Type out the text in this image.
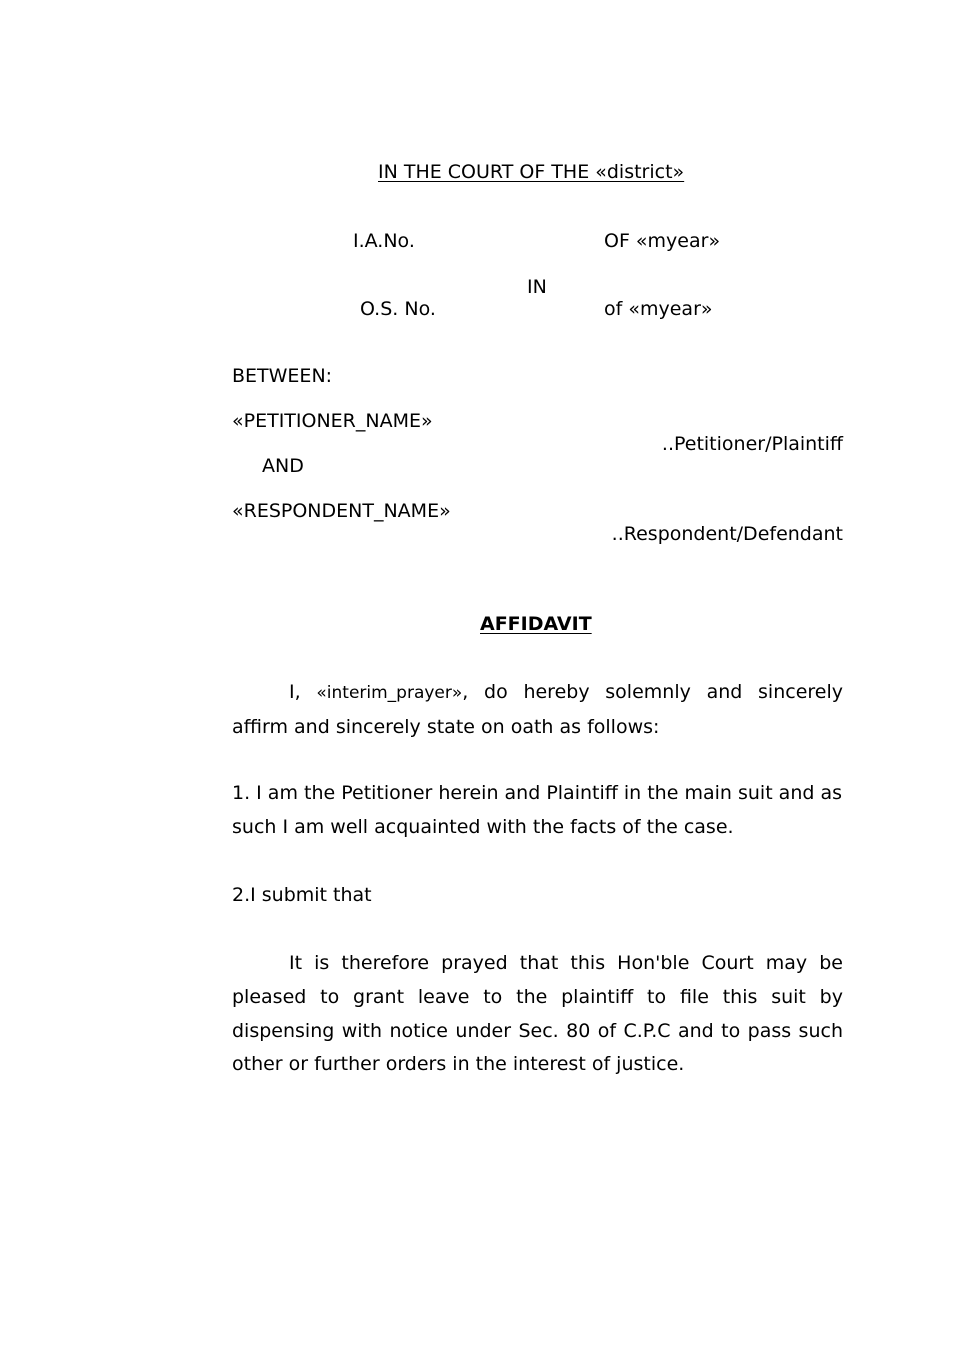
IN THE COURT OF THE «district»
I.A.No.	OF «myear»
IN
O.S. No.	of «myear»
BETWEEN:
«PETITIONER_NAME»
..Petitioner/Plaintiff
AND
«RESPONDENT_NAME»
..Respondent/Defendant
AFFIDAVIT
I, «interim_prayer», do hereby solemnly and sincerely affirm and sincerely state on oath as follows:
1. I am the Petitioner herein and Plaintiff in the main suit and as such I am well acquainted with the facts of the case.
2.I submit that
It is therefore prayed that this Hon'ble Court may be pleased to grant leave to the plaintiff to file this suit by dispensing with notice under Sec. 80 of C.P.C and to pass such other or further orders in the interest of justice.
